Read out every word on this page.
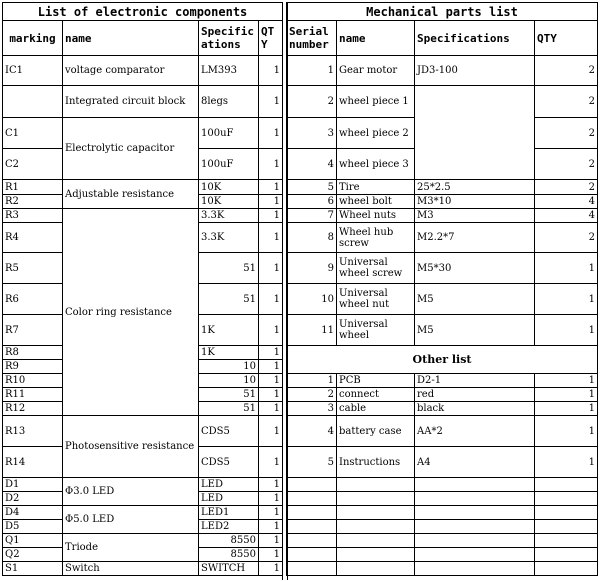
List of electronic components			
marking	name	Specifications	QTY
IC1	voltage comparator	LM393	1
	Integrated circuit block	8legs	1
C1	Electrolytic capacitor	100uF	1
C2		100uF	1
R1	Adjustable resistance	10K	1
R2		10K	1
R3	Color ring resistance	3.3K	1
R4		3.3K	1
R5		51	1
R6		51	1
R7		1K	1
R8		1K	1
R9		10	1
R10		10	1
R11		51	1
R12		51	1
R13	Photosensitive resistance	CDS5	1
R14		CDS5	1
D1	Φ3.0 LED	LED	1
D2		LED	1
D4	Φ5.0 LED	LED1	1
D5		LED2	1
Q1	Triode	8550	1
Q2		8550	1
S1	Switch	SWITCH	1
Mechanical parts list			
Serial number	name	Specifications	QTY
1	Gear motor	JD3-100	2
2	wheel piece 1		2
3	wheel piece 2		2
4	wheel piece 3		2
5	Tire	25*2.5	2
6	wheel bolt	M3*10	4
7	Wheel nuts	M3	4
8	Wheel hub screw	M2.2*7	2
9	Universal wheel screw	M5*30	1
10	Universal wheel nut	M5	1
11	Universal wheel	M5	1
Other list			
1	PCB	D2-1	1
2	connect	red	1
3	cable	black	1
4	battery case	AA*2	1
5	Instructions	A4	1
